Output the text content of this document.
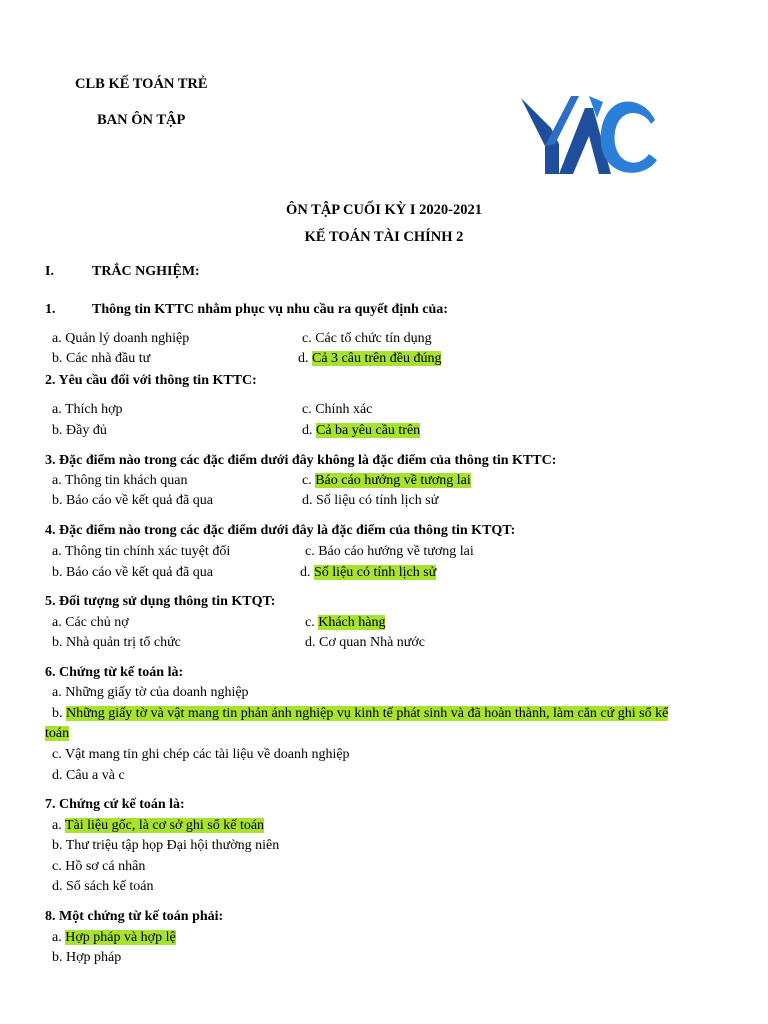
CLB KẾ TOÁN TRẺ
BAN ÔN TẬP
ÔN TẬP CUỐI KỲ I 2020-2021
KẾ TOÁN TÀI CHÍNH 2
I.	TRẮC NGHIỆM:
1.	Thông tin KTTC nhằm phục vụ nhu cầu ra quyết định của:
a. Quản lý doanh nghiệp	c. Các tổ chức tín dụng
b. Các nhà đầu tư	d. Cả 3 câu trên đều đúng
2. Yêu cầu đối với thông tin KTTC:
a. Thích hợp	c. Chính xác
b. Đầy đủ	d. Cả ba yêu cầu trên
3. Đặc điểm nào trong các đặc điểm dưới đây không là đặc điểm của thông tin KTTC:
a. Thông tin khách quan	c. Báo cáo hướng về tương lai
b. Báo cáo về kết quả đã qua	d. Số liệu có tính lịch sử
4. Đặc điểm nào trong các đặc điểm dưới đây là đặc điểm của thông tin KTQT:
a. Thông tin chính xác tuyệt đối	c. Báo cáo hướng về tương lai
b. Báo cáo về kết quả đã qua	d. Số liệu có tính lịch sử
5. Đối tượng sử dụng thông tin KTQT:
a. Các chủ nợ	c. Khách hàng
b. Nhà quản trị tổ chức	d. Cơ quan Nhà nước
6. Chứng từ kế toán là:
a. Những giấy tờ của doanh nghiệp
b. Những giấy tờ và vật mang tin phản ánh nghiệp vụ kinh tế phát sinh và đã hoàn thành, làm căn cứ ghi sổ kế
toán
c. Vật mang tin ghi chép các tài liệu về doanh nghiệp
d. Câu a và c
7. Chứng cứ kế toán là:
a. Tài liệu gốc, là cơ sở ghi sổ kế toán
b. Thư triệu tập họp Đại hội thường niên
c. Hồ sơ cá nhân
d. Sổ sách kế toán
8. Một chứng từ kế toán phải:
a. Hợp pháp và hợp lệ
b. Hợp pháp
